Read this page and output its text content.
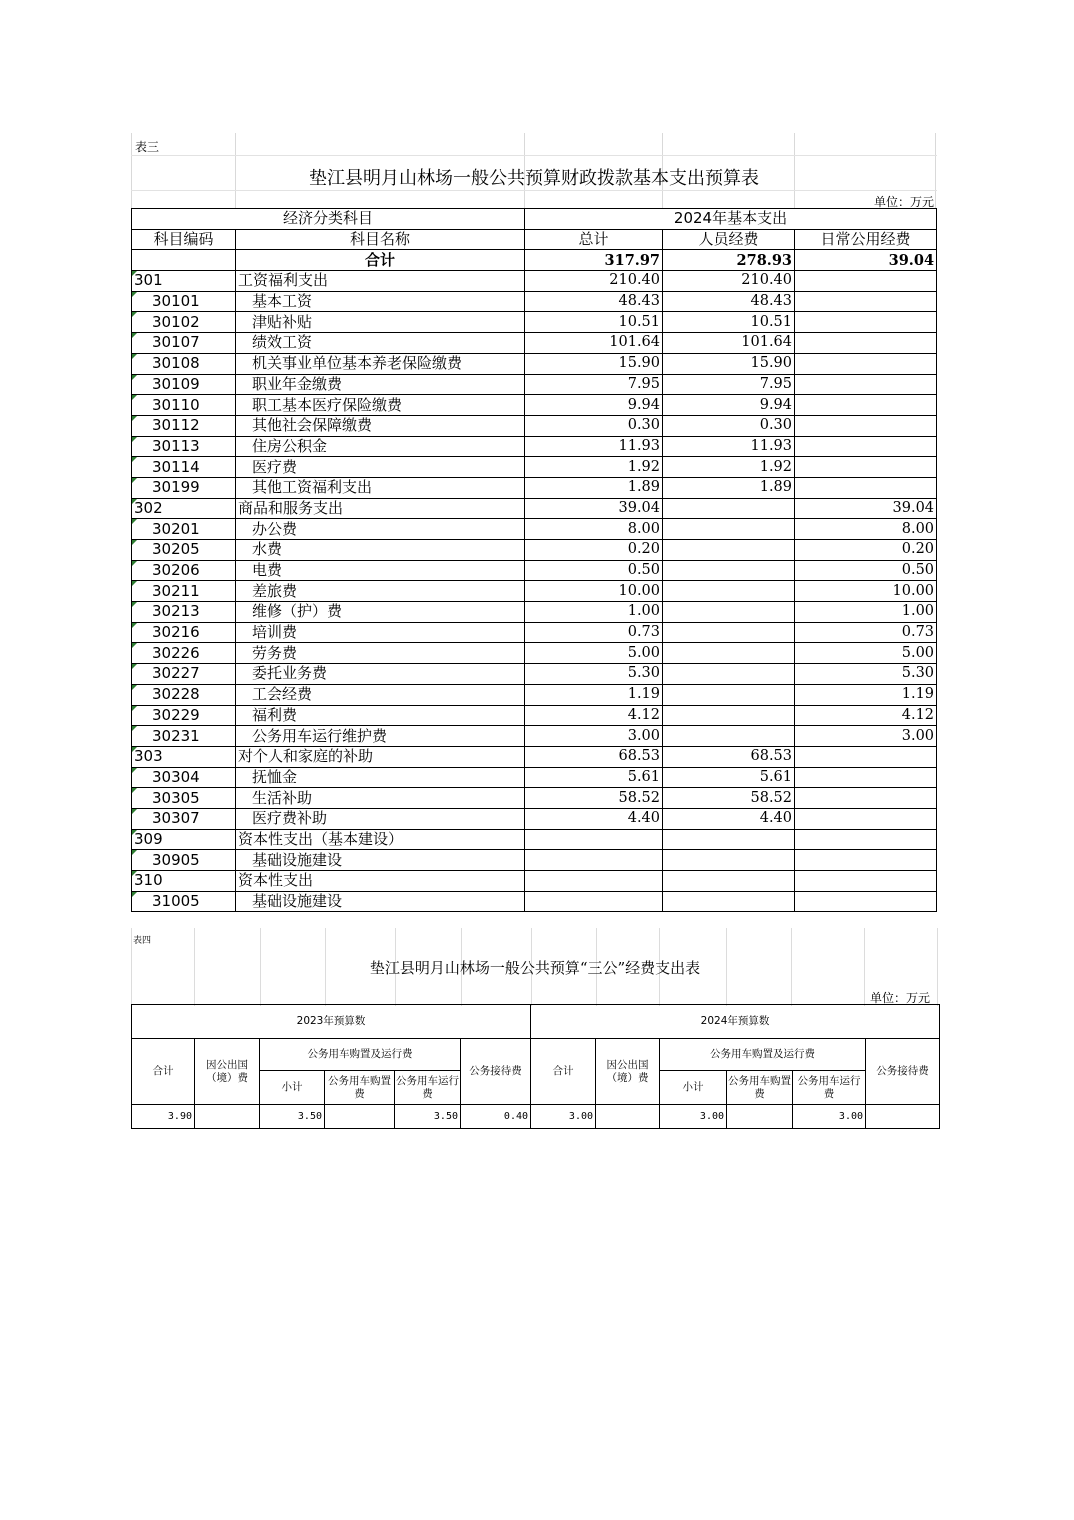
表三
垫江县明月山林场一般公共预算财政拨款基本支出预算表
单位：万元
经济分类科目		2024年基本支出		
科目编码	科目名称	总计	人员经费	日常公用经费
	合计	317.97	278.93	39.04
301	工资福利支出	210.40	210.40	
30101	基本工资	48.43	48.43	
30102	津贴补贴	10.51	10.51	
30107	绩效工资	101.64	101.64	
30108	机关事业单位基本养老保险缴费	15.90	15.90	
30109	职业年金缴费	7.95	7.95	
30110	职工基本医疗保险缴费	9.94	9.94	
30112	其他社会保障缴费	0.30	0.30	
30113	住房公积金	11.93	11.93	
30114	医疗费	1.92	1.92	
30199	其他工资福利支出	1.89	1.89	
302	商品和服务支出	39.04		39.04
30201	办公费	8.00		8.00
30205	水费	0.20		0.20
30206	电费	0.50		0.50
30211	差旅费	10.00		10.00
30213	维修（护）费	1.00		1.00
30216	培训费	0.73		0.73
30226	劳务费	5.00		5.00
30227	委托业务费	5.30		5.30
30228	工会经费	1.19		1.19
30229	福利费	4.12		4.12
30231	公务用车运行维护费	3.00		3.00
303	对个人和家庭的补助	68.53	68.53	
30304	抚恤金	5.61	5.61	
30305	生活补助	58.52	58.52	
30307	医疗费补助	4.40	4.40	
309	资本性支出（基本建设）			
30905	基础设施建设			
310	资本性支出			
31005	基础设施建设			
表四
垫江县明月山林场一般公共预算“三公”经费支出表
单位：万元
2023年预算数						2024年预算数					
合计	因公出国（境）费	公务用车购置及运行费			公务接待费	合计	因公出国（境）费	公务用车购置及运行费			公务接待费
		小计	公务用车购置费	公务用车运行费				小计	公务用车购置费	公务用车运行费	
3.90		3.50		3.50	0.40	3.00		3.00		3.00	
